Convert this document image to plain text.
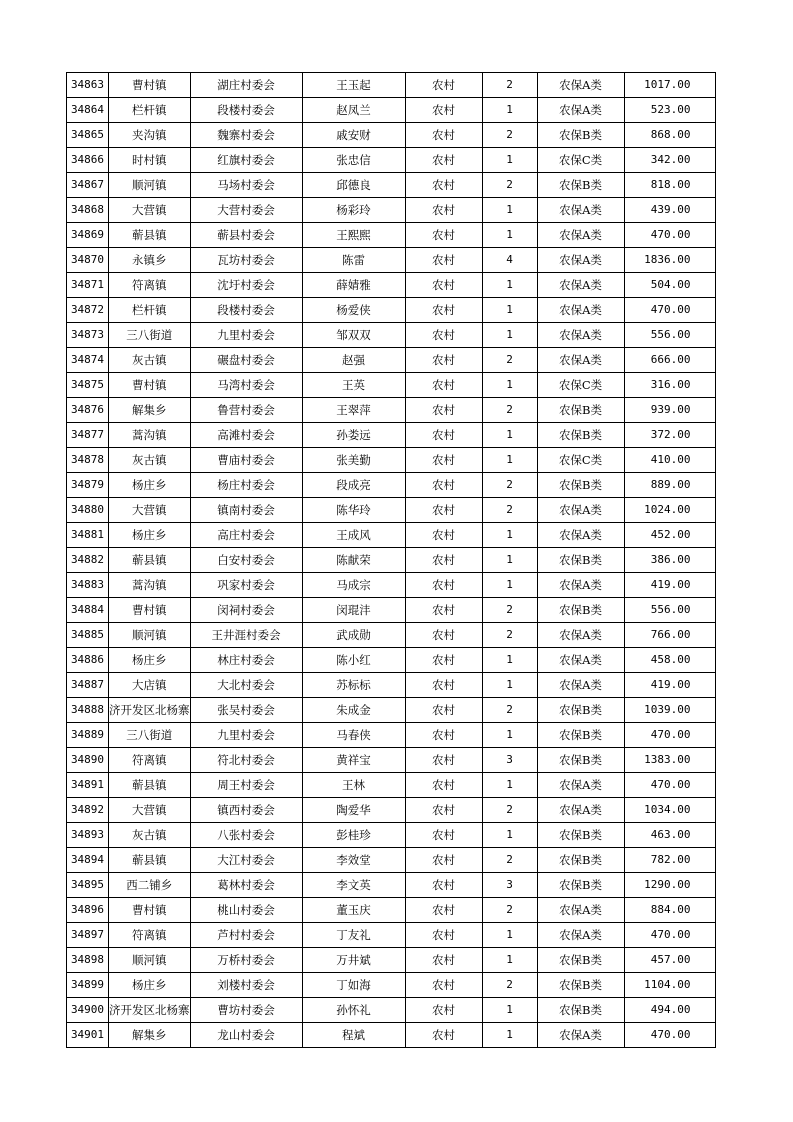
34863	曹村镇	湖庄村委会	王玉起	农村	2	农保A类	1017.00
34864	栏杆镇	段楼村委会	赵凤兰	农村	1	农保A类	523.00
34865	夹沟镇	魏寨村委会	戚安财	农村	2	农保B类	868.00
34866	时村镇	红旗村委会	张忠信	农村	1	农保C类	342.00
34867	顺河镇	马场村委会	邱德良	农村	2	农保B类	818.00
34868	大营镇	大营村委会	杨彩玲	农村	1	农保A类	439.00
34869	蕲县镇	蕲县村委会	王熙熙	农村	1	农保A类	470.00
34870	永镇乡	瓦坊村委会	陈雷	农村	4	农保A类	1836.00
34871	符离镇	沈圩村委会	薛婧雅	农村	1	农保A类	504.00
34872	栏杆镇	段楼村委会	杨爱侠	农村	1	农保A类	470.00
34873	三八街道	九里村委会	邹双双	农村	1	农保A类	556.00
34874	灰古镇	碾盘村委会	赵强	农村	2	农保A类	666.00
34875	曹村镇	马湾村委会	王英	农村	1	农保C类	316.00
34876	解集乡	鲁营村委会	王翠萍	农村	2	农保B类	939.00
34877	蒿沟镇	高滩村委会	孙娄远	农村	1	农保B类	372.00
34878	灰古镇	曹庙村委会	张美勤	农村	1	农保C类	410.00
34879	杨庄乡	杨庄村委会	段成亮	农村	2	农保B类	889.00
34880	大营镇	镇南村委会	陈华玲	农村	2	农保A类	1024.00
34881	杨庄乡	高庄村委会	王成风	农村	1	农保A类	452.00
34882	蕲县镇	白安村委会	陈献荣	农村	1	农保B类	386.00
34883	蒿沟镇	巩家村委会	马成宗	农村	1	农保A类	419.00
34884	曹村镇	闵祠村委会	闵琨沣	农村	2	农保B类	556.00
34885	顺河镇	王井涯村委会	武成勋	农村	2	农保A类	766.00
34886	杨庄乡	林庄村委会	陈小红	农村	1	农保A类	458.00
34887	大店镇	大北村委会	苏标标	农村	1	农保A类	419.00
34888	济开发区北杨寨	张吴村委会	朱成金	农村	2	农保B类	1039.00
34889	三八街道	九里村委会	马春侠	农村	1	农保B类	470.00
34890	符离镇	符北村委会	黄祥宝	农村	3	农保B类	1383.00
34891	蕲县镇	周王村委会	王林	农村	1	农保A类	470.00
34892	大营镇	镇西村委会	陶爱华	农村	2	农保A类	1034.00
34893	灰古镇	八张村委会	彭桂珍	农村	1	农保B类	463.00
34894	蕲县镇	大江村委会	李效堂	农村	2	农保B类	782.00
34895	西二铺乡	葛林村委会	李文英	农村	3	农保B类	1290.00
34896	曹村镇	桃山村委会	董玉庆	农村	2	农保A类	884.00
34897	符离镇	芦村村委会	丁友礼	农村	1	农保A类	470.00
34898	顺河镇	万桥村委会	万井斌	农村	1	农保B类	457.00
34899	杨庄乡	刘楼村委会	丁如海	农村	2	农保B类	1104.00
34900	济开发区北杨寨	曹坊村委会	孙怀礼	农村	1	农保B类	494.00
34901	解集乡	龙山村委会	程斌	农村	1	农保A类	470.00
